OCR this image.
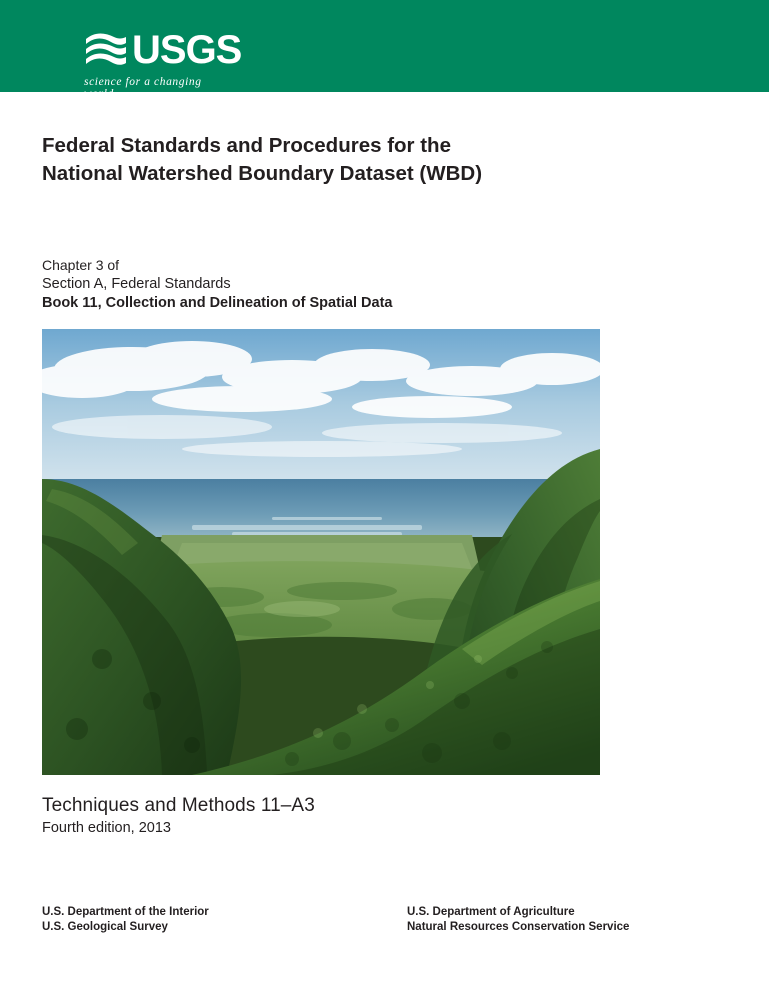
USGS
science for a changing world
Federal Standards and Procedures for the
National Watershed Boundary Dataset (WBD)
Chapter 3 of
Section A, Federal Standards
Book 11, Collection and Delineation of Spatial Data
Techniques and Methods 11–A3
Fourth edition, 2013
U.S. Department of the Interior
U.S. Geological Survey
U.S. Department of Agriculture
Natural Resources Conservation Service
